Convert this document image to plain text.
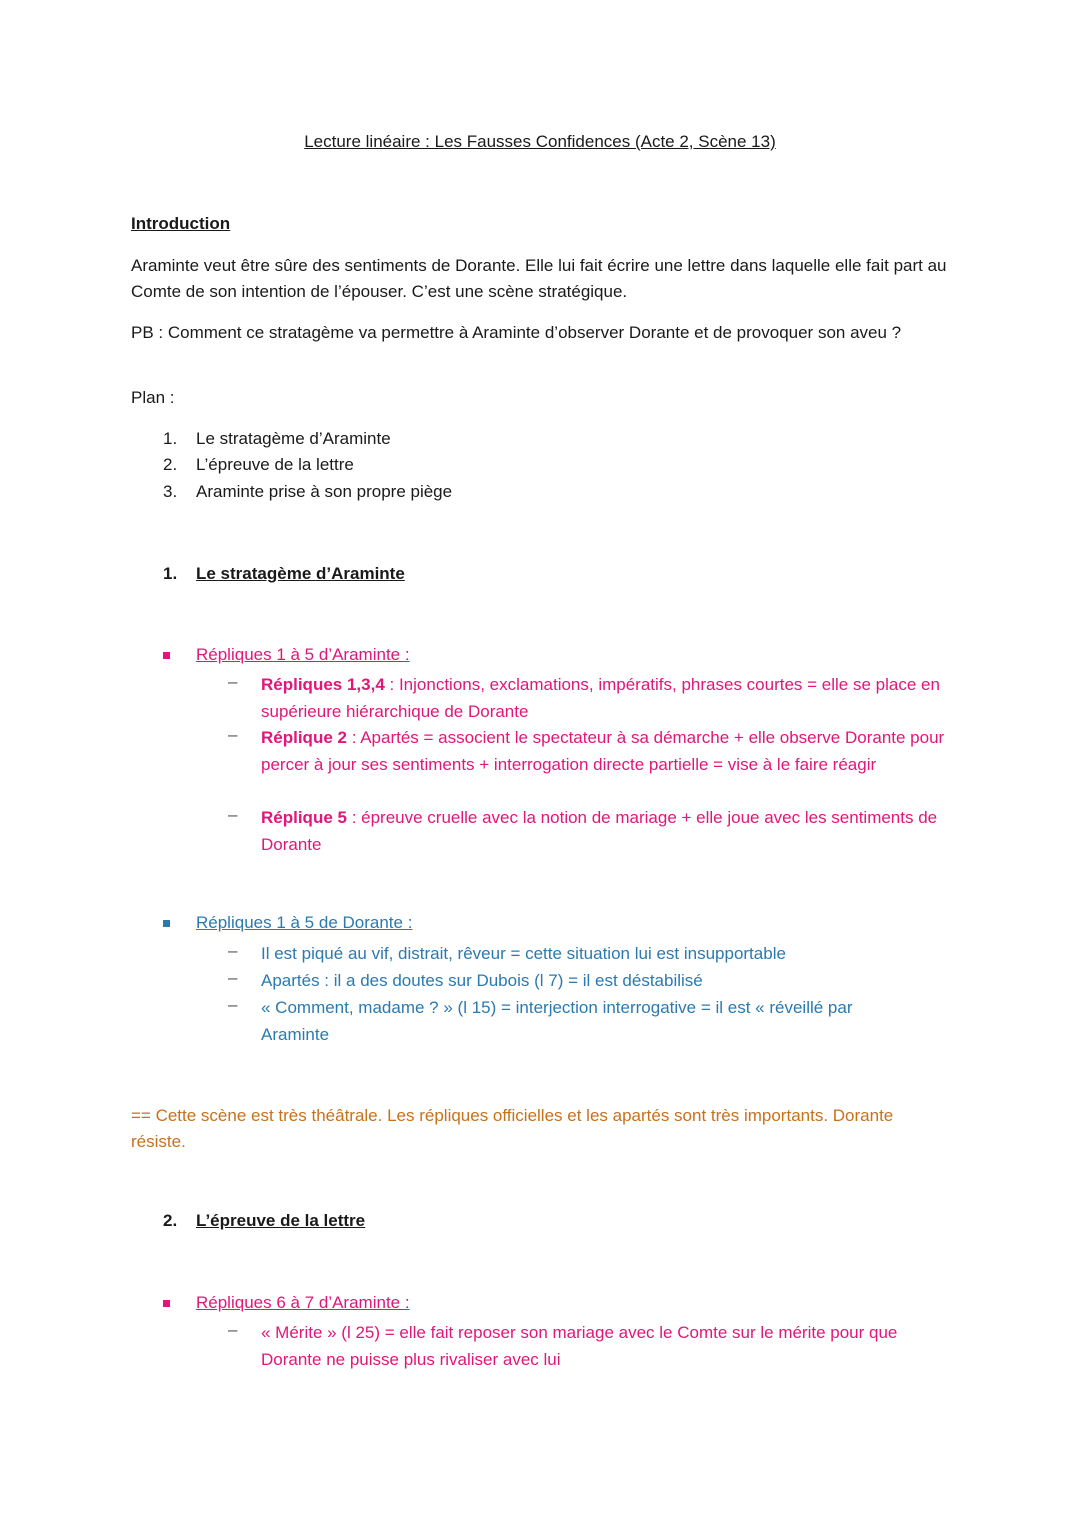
Lecture linéaire : Les Fausses Confidences (Acte 2, Scène 13)
Introduction
Araminte veut être sûre des sentiments de Dorante. Elle lui fait écrire une lettre dans laquelle elle fait part au Comte de son intention de l’épouser. C’est une scène stratégique.
PB : Comment ce stratagème va permettre à Araminte d’observer Dorante et de provoquer son aveu ?
Plan :
1. Le stratagème d’Araminte
2. L’épreuve de la lettre
3. Araminte prise à son propre piège
1. Le stratagème d’Araminte
Répliques 1 à 5 d’Araminte :
– Répliques 1,3,4 : Injonctions, exclamations, impératifs, phrases courtes = elle se place en supérieure hiérarchique de Dorante
– Réplique 2 : Apartés = associent le spectateur à sa démarche + elle observe Dorante pour percer à jour ses sentiments + interrogation directe partielle = vise à le faire réagir
– Réplique 5 : épreuve cruelle avec la notion de mariage + elle joue avec les sentiments de Dorante
Répliques 1 à 5 de Dorante :
– Il est piqué au vif, distrait, rêveur = cette situation lui est insupportable
– Apartés : il a des doutes sur Dubois (l 7) = il est déstabilisé
– « Comment, madame ? » (l 15) = interjection interrogative = il est « réveillé par Araminte
== Cette scène est très théâtrale. Les répliques officielles et les apartés sont très importants. Dorante résiste.
2. L’épreuve de la lettre
Répliques 6 à 7 d’Araminte :
– « Mérite » (l 25) = elle fait reposer son mariage avec le Comte sur le mérite pour que Dorante ne puisse plus rivaliser avec lui
